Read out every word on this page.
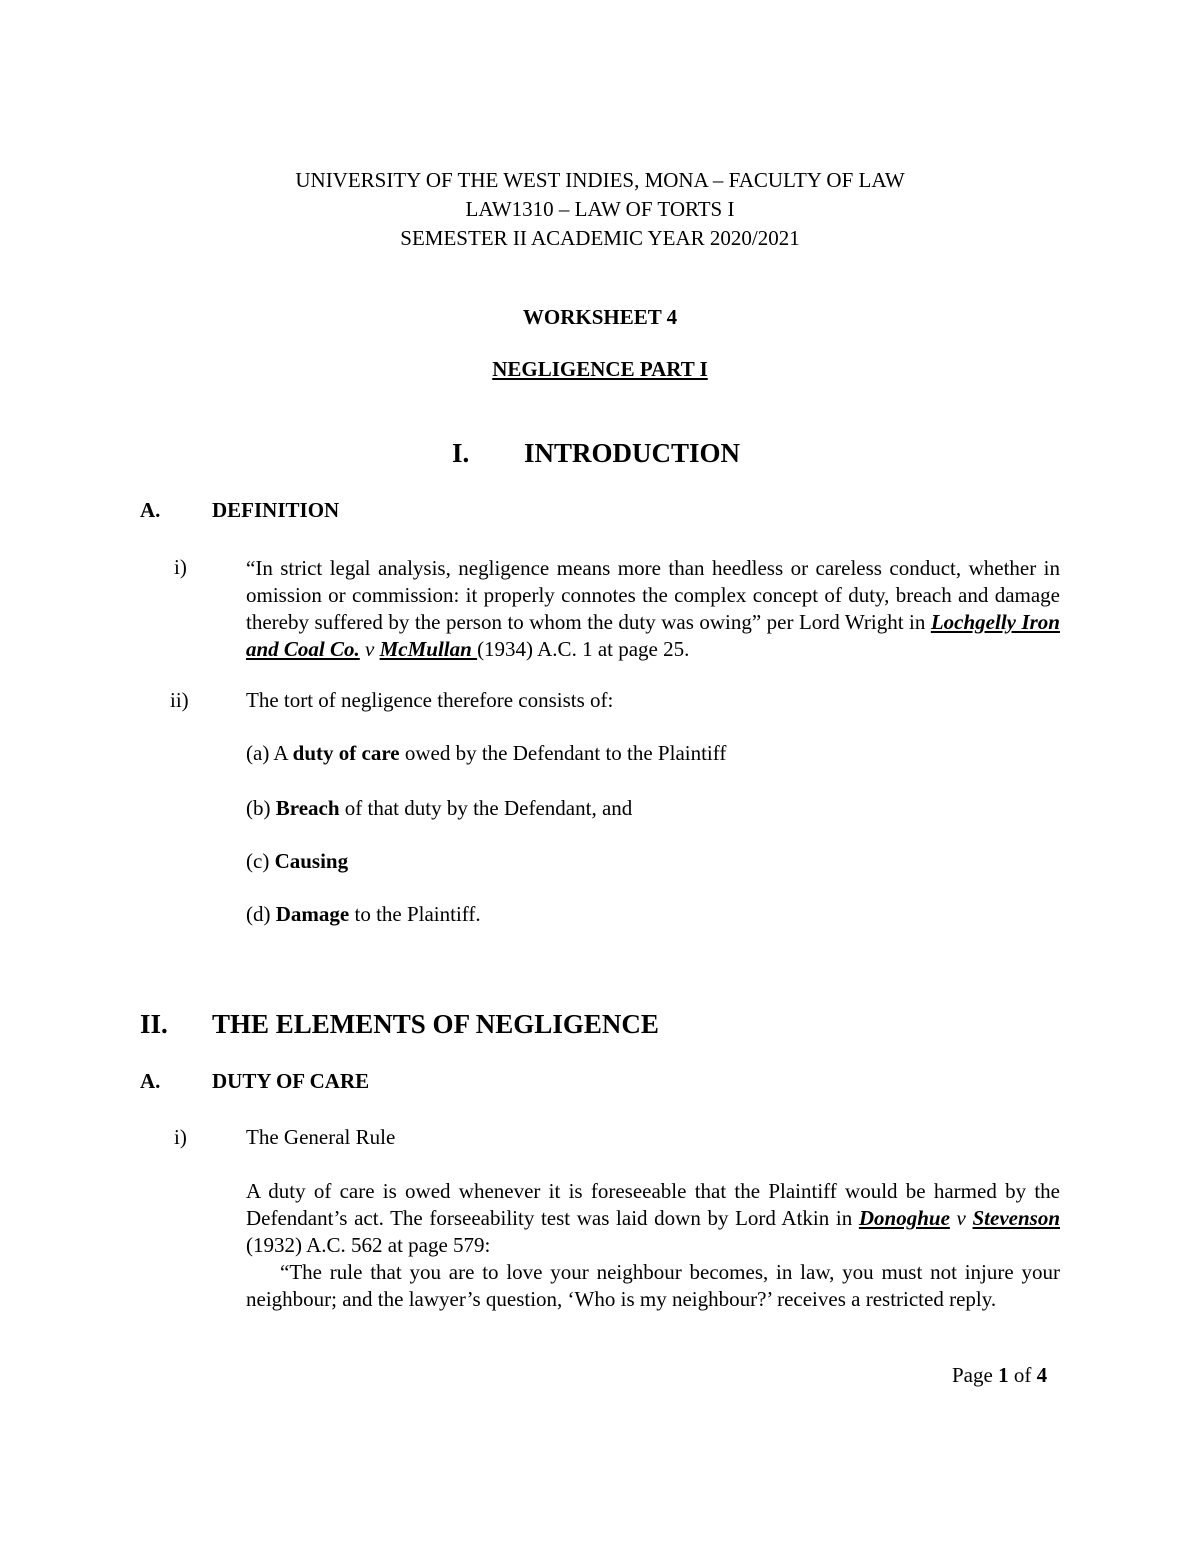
UNIVERSITY OF THE WEST INDIES, MONA – FACULTY OF LAW
LAW1310 – LAW OF TORTS I
SEMESTER II ACADEMIC YEAR 2020/2021
WORKSHEET 4
NEGLIGENCE PART I
I. INTRODUCTION
A. DEFINITION
i)	“In strict legal analysis, negligence means more than heedless or careless conduct, whether in omission or commission: it properly connotes the complex concept of duty, breach and damage thereby suffered by the person to whom the duty was owing” per Lord Wright in Lochgelly Iron and Coal Co. v McMullan (1934) A.C. 1 at page 25.
ii)	The tort of negligence therefore consists of:
(a) A duty of care owed by the Defendant to the Plaintiff
(b) Breach of that duty by the Defendant, and
(c) Causing
(d) Damage to the Plaintiff.
II. THE ELEMENTS OF NEGLIGENCE
A. DUTY OF CARE
i)	The General Rule
A duty of care is owed whenever it is foreseeable that the Plaintiff would be harmed by the Defendant’s act. The forseeability test was laid down by Lord Atkin in Donoghue v Stevenson (1932) A.C. 562 at page 579:
“The rule that you are to love your neighbour becomes, in law, you must not injure your neighbour; and the lawyer’s question, ‘Who is my neighbour?’ receives a restricted reply.
Page 1 of 4
